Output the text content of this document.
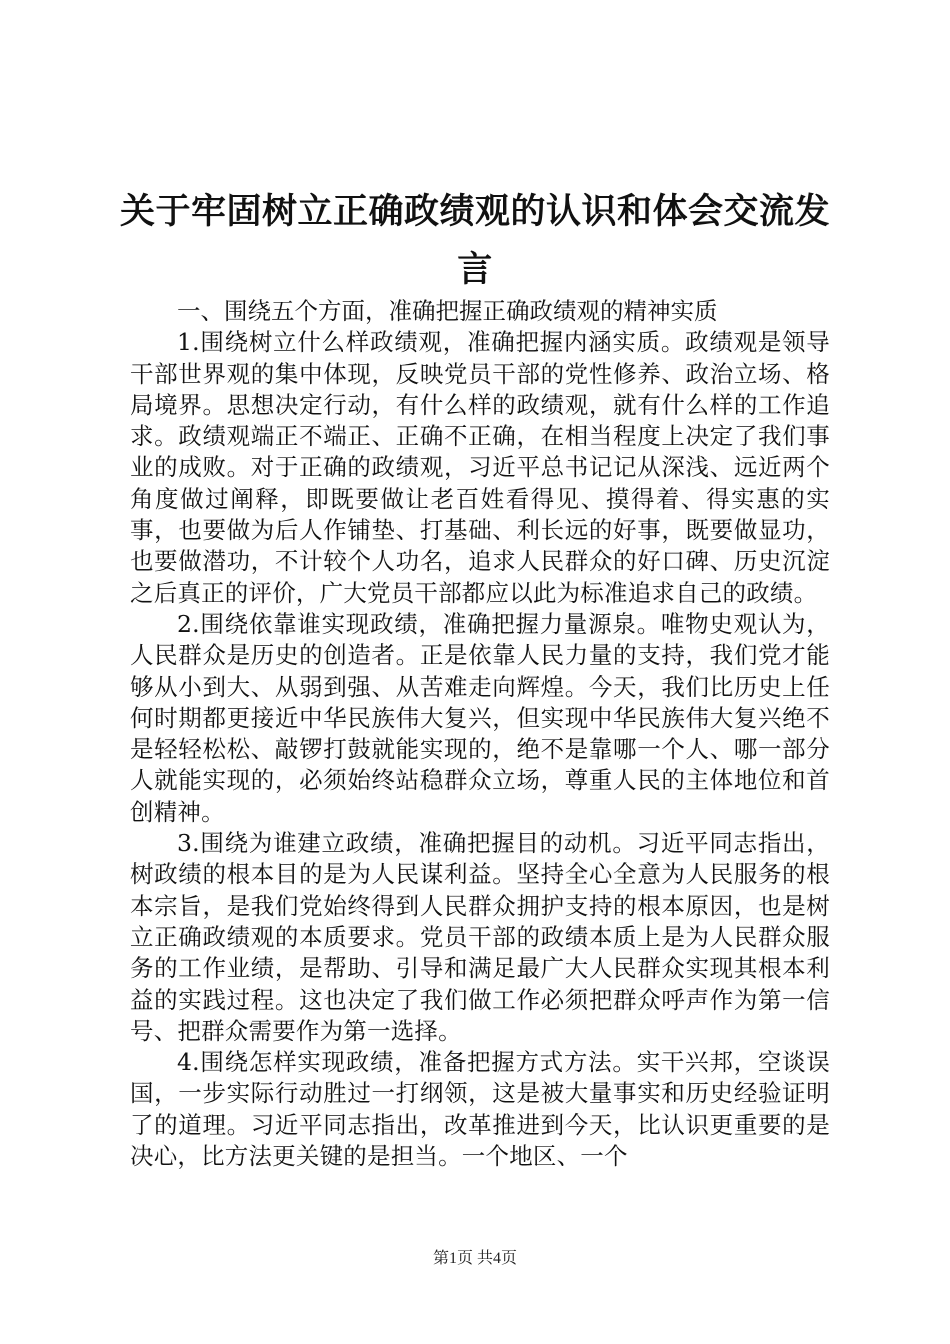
关于牢固树立正确政绩观的认识和体会交流发言

一、围绕五个方面，准确把握正确政绩观的精神实质

1.围绕树立什么样政绩观，准确把握内涵实质。政绩观是领导干部世界观的集中体现，反映党员干部的党性修养、政治立场、格局境界。思想决定行动，有什么样的政绩观，就有什么样的工作追求。政绩观端正不端正、正确不正确，在相当程度上决定了我们事业的成败。对于正确的政绩观，习近平总书记记从深浅、远近两个角度做过阐释，即既要做让老百姓看得见、摸得着、得实惠的实事，也要做为后人作铺垫、打基础、利长远的好事，既要做显功，也要做潜功，不计较个人功名，追求人民群众的好口碑、历史沉淀之后真正的评价，广大党员干部都应以此为标准追求自己的政绩。

2.围绕依靠谁实现政绩，准确把握力量源泉。唯物史观认为，人民群众是历史的创造者。正是依靠人民力量的支持，我们党才能够从小到大、从弱到强、从苦难走向辉煌。今天，我们比历史上任何时期都更接近中华民族伟大复兴，但实现中华民族伟大复兴绝不是轻轻松松、敲锣打鼓就能实现的，绝不是靠哪一个人、哪一部分人就能实现的，必须始终站稳群众立场，尊重人民的主体地位和首创精神。

3.围绕为谁建立政绩，准确把握目的动机。习近平同志指出，树政绩的根本目的是为人民谋利益。坚持全心全意为人民服务的根本宗旨，是我们党始终得到人民群众拥护支持的根本原因，也是树立正确政绩观的本质要求。党员干部的政绩本质上是为人民群众服务的工作业绩，是帮助、引导和满足最广大人民群众实现其根本利益的实践过程。这也决定了我们做工作必须把群众呼声作为第一信号、把群众需要作为第一选择。

4.围绕怎样实现政绩，准备把握方式方法。实干兴邦，空谈误国，一步实际行动胜过一打纲领，这是被大量事实和历史经验证明了的道理。习近平同志指出，改革推进到今天，比认识更重要的是决心，比方法更关键的是担当。一个地区、一个

第1页 共4页
